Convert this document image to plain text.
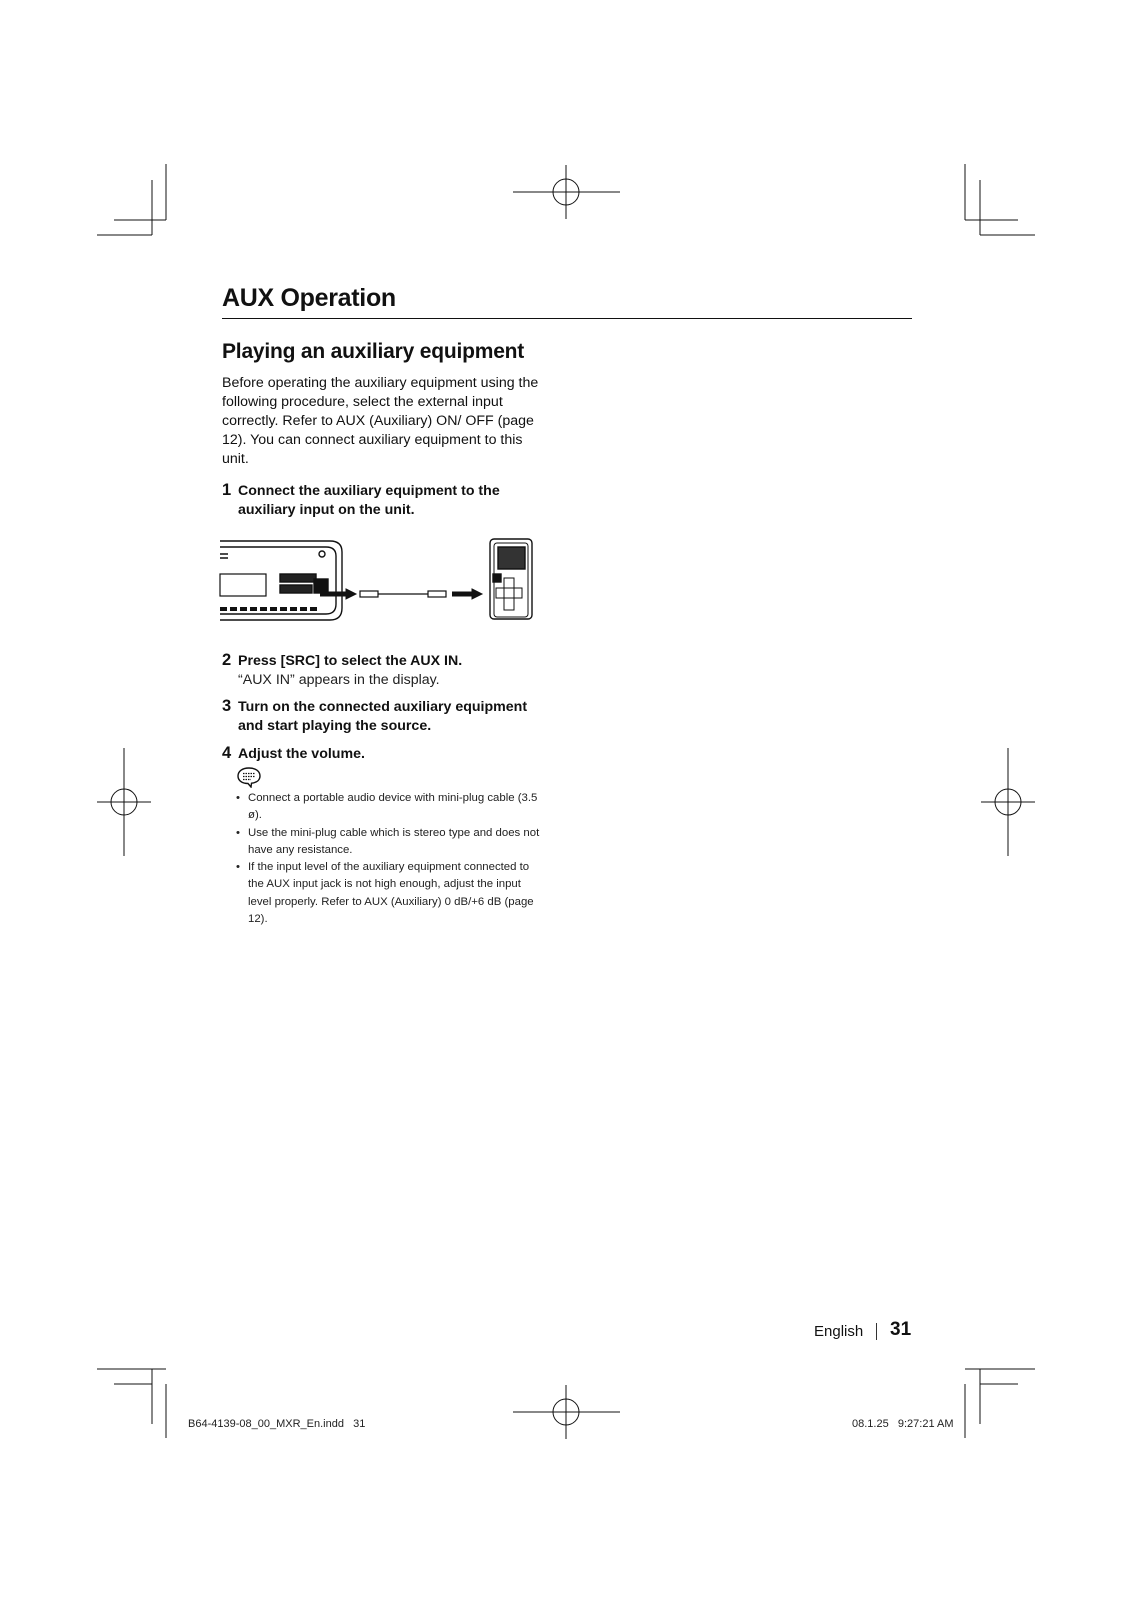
AUX Operation
Playing an auxiliary equipment

Before operating the auxiliary equipment using the following procedure, select the external input correctly. Refer to AUX (Auxiliary) ON/ OFF (page 12). You can connect auxiliary equipment to this unit.

1 Connect the auxiliary equipment to the auxiliary input on the unit.
2 Press [SRC] to select the AUX IN.
“AUX IN” appears in the display.
3 Turn on the connected auxiliary equipment and start playing the source.
4 Adjust the volume.
• Connect a portable audio device with mini-plug cable (3.5 ø).
• Use the mini-plug cable which is stereo type and does not have any resistance.
• If the input level of the auxiliary equipment connected to the AUX input jack is not high enough, adjust the input level properly. Refer to AUX (Auxiliary) 0 dB/+6 dB (page 12).
English 31
B64-4139-08_00_MXR_En.indd   31	08.1.25   9:27:21 AM
